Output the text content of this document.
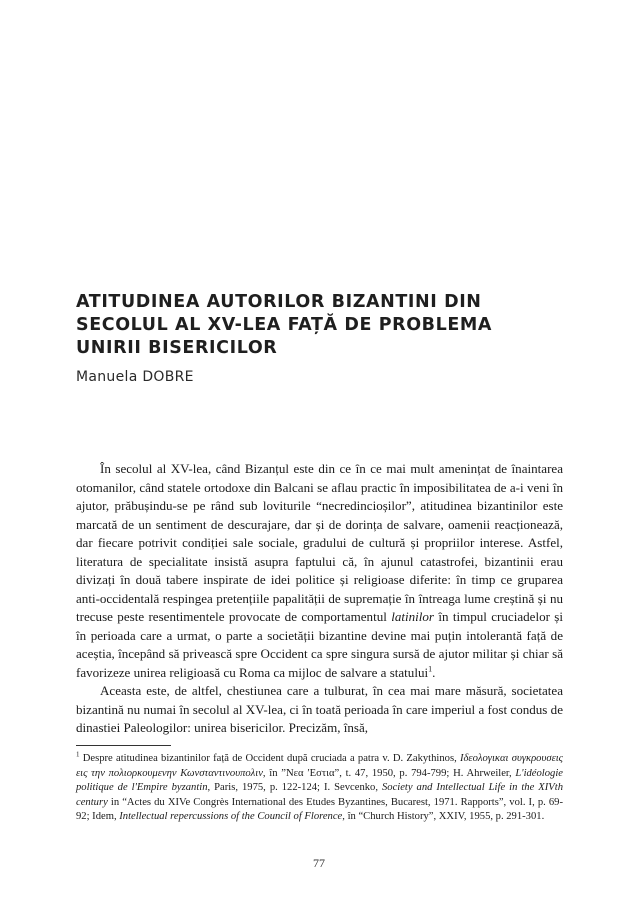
ATITUDINEA AUTORILOR BIZANTINI DIN
SECOLUL AL XV-LEA FAȚĂ DE PROBLEMA
UNIRII BISERICILOR
Manuela DOBRE

În secolul al XV-lea, când Bizanțul este din ce în ce mai mult amenințat de înaintarea otomanilor, când statele ortodoxe din Balcani se aflau practic în imposibilitatea de a-i veni în ajutor, prăbușindu-se pe rând sub loviturile “necredincioșilor”, atitudinea bizantinilor este marcată de un sentiment de descurajare, dar și de dorința de salvare, oamenii reacționează, dar fiecare potrivit condiției sale sociale, gradului de cultură și propriilor interese. Astfel, literatura de specialitate insistă asupra faptului că, în ajunul catastrofei, bizantinii erau divizați în două tabere inspirate de idei politice și religioase diferite: în timp ce gruparea anti-occidentală respingea pretențiile papalității de supremație în întreaga lume creștină și nu trecuse peste resentimentele provocate de comportamentul latinilor în timpul cruciadelor și în perioada care a urmat, o parte a societății bizantine devine mai puțin intolerantă față de aceștia, începând să privească spre Occident ca spre singura sursă de ajutor militar și chiar să favorizeze unirea religioasă cu Roma ca mijloc de salvare a statului$^1$.

Aceasta este, de altfel, chestiunea care a tulburat, în cea mai mare măsură, societatea bizantină nu numai în secolul al XV-lea, ci în toată perioada în care imperiul a fost condus de dinastiei Paleologilor: unirea bisericilor. Precizăm, însă,

$^1$ Despre atitudinea bizantinilor față de Occident după cruciada a patra v. D. Zakythinos, Ιδεολογικαι συγκρουσεις εις την πολιορκουμενην Κωνσταντινουπολιν, în ”Nεα ʹΕστια”, t. 47, 1950, p. 794-799; H. Ahrweiler, L'idéologie politique de l'Empire byzantin, Paris, 1975, p. 122-124; I. Sevcenko, Society and Intellectual Life in the XIVth century in “Actes du XIVe Congrès International des Etudes Byzantines, Bucarest, 1971. Rapports”, vol. I, p. 69-92; Idem, Intellectual repercussions of the Council of Florence, în “Church History”, XXIV, 1955, p. 291-301.
77
